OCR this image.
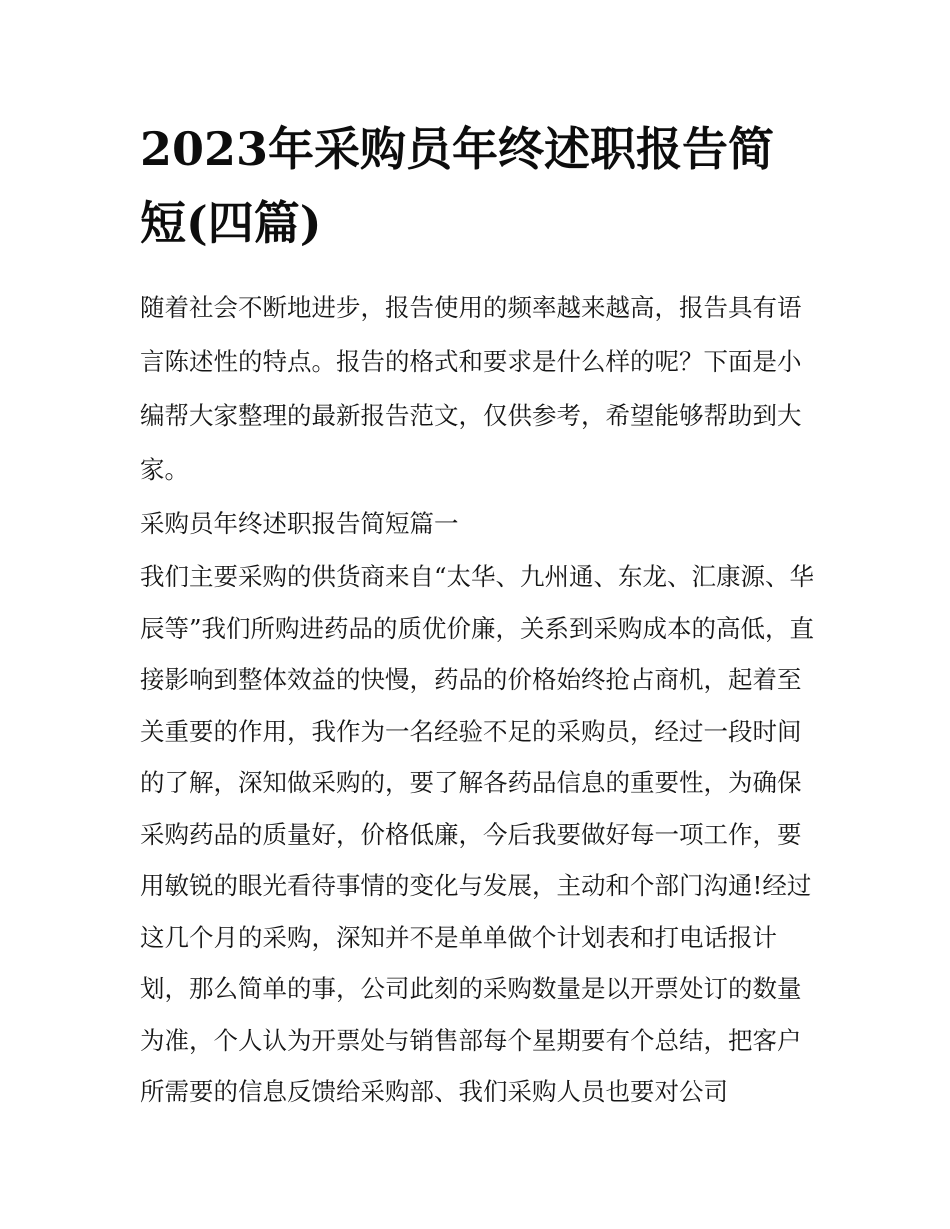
2023年采购员年终述职报告简短(四篇)

随着社会不断地进步，报告使用的频率越来越高，报告具有语言陈述性的特点。报告的格式和要求是什么样的呢？下面是小编帮大家整理的最新报告范文，仅供参考，希望能够帮助到大家。

采购员年终述职报告简短篇一

我们主要采购的供货商来自“太华、九州通、东龙、汇康源、华辰等”我们所购进药品的质优价廉，关系到采购成本的高低，直接影响到整体效益的快慢，药品的价格始终抢占商机，起着至关重要的作用，我作为一名经验不足的采购员，经过一段时间的了解，深知做采购的，要了解各药品信息的重要性，为确保采购药品的质量好，价格低廉，今后我要做好每一项工作，要用敏锐的眼光看待事情的变化与发展，主动和个部门沟通!经过这几个月的采购，深知并不是单单做个计划表和打电话报计划，那么简单的事，公司此刻的采购数量是以开票处订的数量为准，个人认为开票处与销售部每个星期要有个总结，把客户所需要的信息反馈给采购部、我们采购人员也要对公司
